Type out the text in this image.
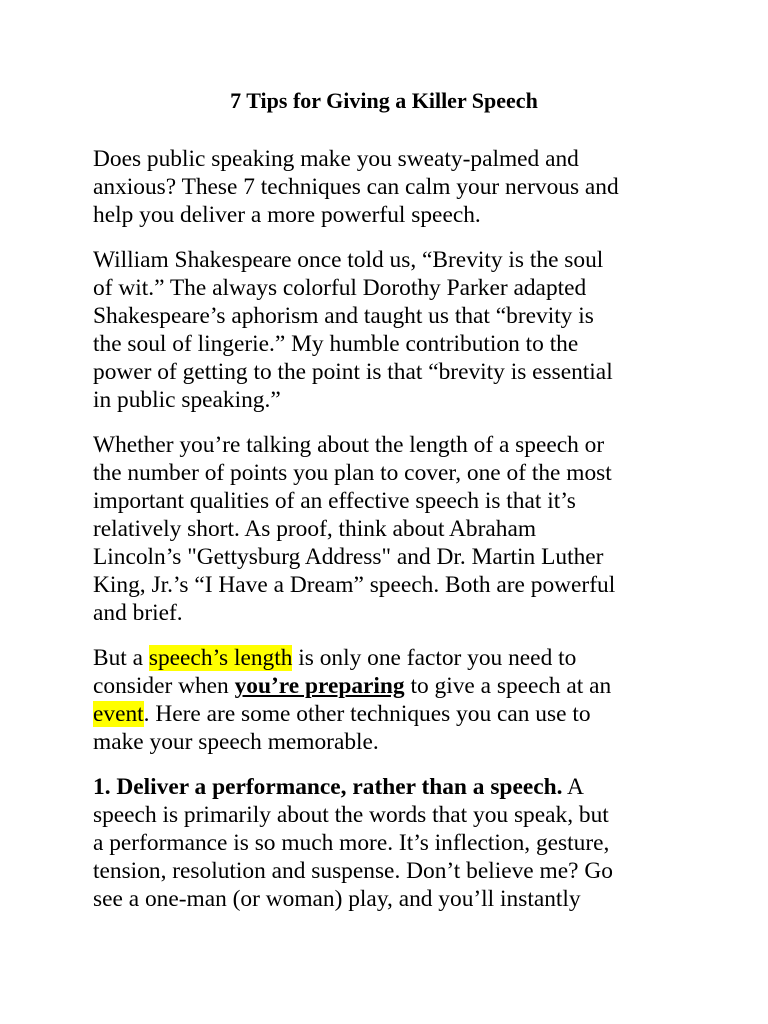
7 Tips for Giving a Killer Speech

Does public speaking make you sweaty-palmed and
anxious? These 7 techniques can calm your nervous and
help you deliver a more powerful speech.

William Shakespeare once told us, “Brevity is the soul
of wit.” The always colorful Dorothy Parker adapted
Shakespeare’s aphorism and taught us that “brevity is
the soul of lingerie.” My humble contribution to the
power of getting to the point is that “brevity is essential
in public speaking.”

Whether you’re talking about the length of a speech or
the number of points you plan to cover, one of the most
important qualities of an effective speech is that it’s
relatively short. As proof, think about Abraham
Lincoln’s "Gettysburg Address" and Dr. Martin Luther
King, Jr.’s “I Have a Dream” speech. Both are powerful
and brief.

But a speech’s length is only one factor you need to
consider when you’re preparing to give a speech at an
event. Here are some other techniques you can use to
make your speech memorable.

1. Deliver a performance, rather than a speech. A
speech is primarily about the words that you speak, but
a performance is so much more. It’s inflection, gesture,
tension, resolution and suspense. Don’t believe me? Go
see a one-man (or woman) play, and you’ll instantly
